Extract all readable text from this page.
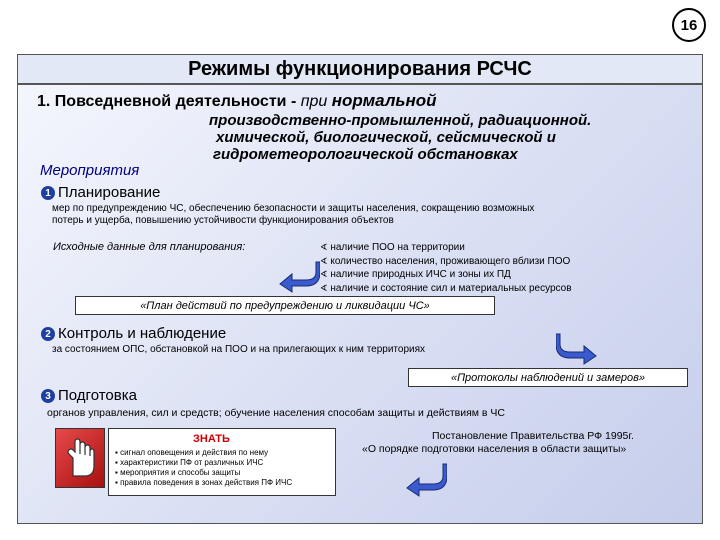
16
Режимы функционирования РСЧС
1. Повседневной деятельности - при нормальной
производственно-промышленной, радиационной.
химической, биологической, сейсмической и
гидрометеорологической обстановках
Мероприятия
1 Планирование
мер по предупреждению ЧС, обеспечению безопасности и защиты населения, сокращению возможных
потерь и ущерба, повышению устойчивости функционирования объектов
Исходные данные для планирования:	∢ наличие ПОО на территории
∢ количество населения, проживающего вблизи ПОО
∢ наличие природных ИЧС и зоны их ПД
∢ наличие и состояние сил и материальных ресурсов
«План действий по предупреждению и ликвидации ЧС»
2 Контроль и наблюдение
за состоянием ОПС, обстановкой на ПОО и на прилегающих к ним территориях
«Протоколы наблюдений и замеров»
3 Подготовка
органов управления, сил и средств; обучение населения способам защиты и действиям в ЧС
ЗНАТЬ
▪ сигнал оповещения и действия по нему
▪ характеристики ПФ от различных ИЧС
▪ мероприятия и способы защиты
▪ правила поведения в зонах действия ПФ ИЧС
Постановление Правительства РФ 1995г.
«О порядке подготовки населения в области защиты»
